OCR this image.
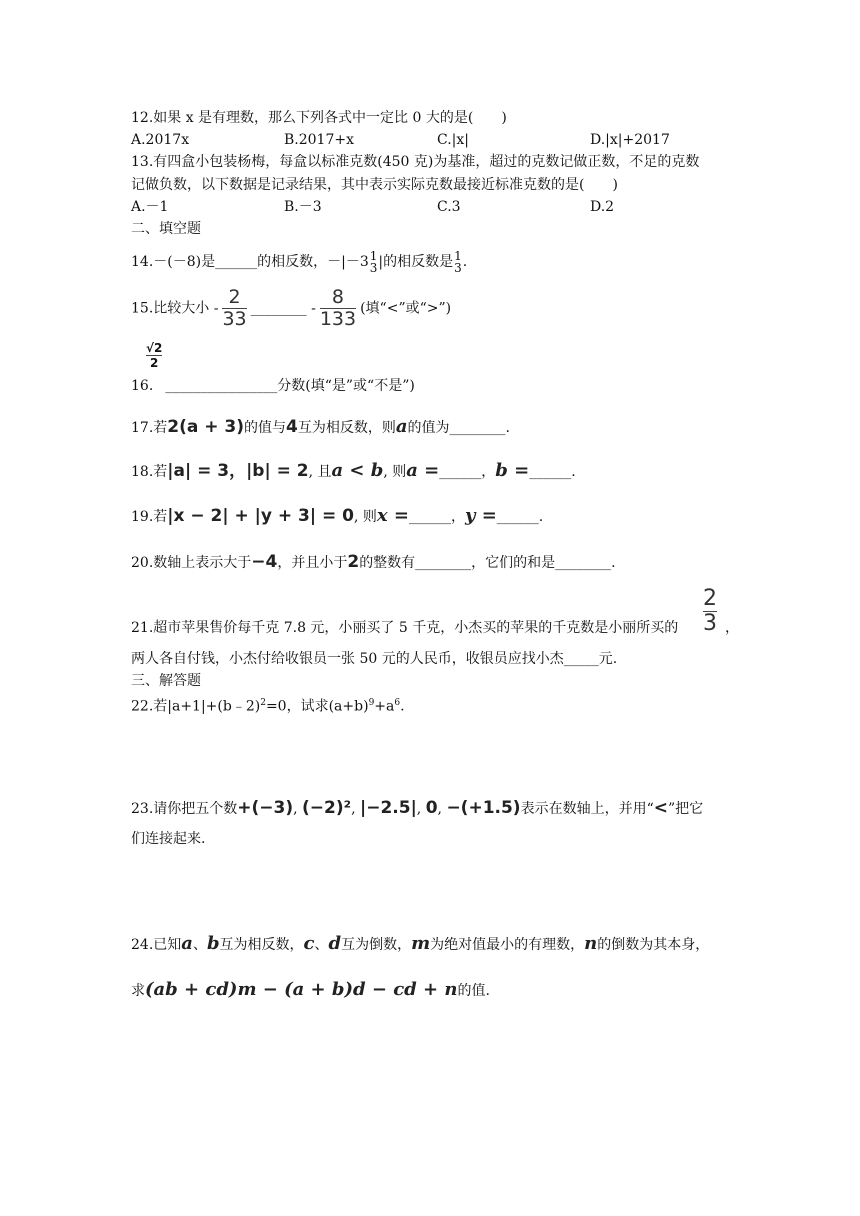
12.如果 x 是有理数，那么下列各式中一定比 0 大的是(　　)
A.2017x	B.2017+x	C.|x|	D.|x|+2017
13.有四盒小包装杨梅，每盒以标准克数(450 克)为基准，超过的克数记做正数，不足的克数
记做负数，以下数据是记录结果，其中表示实际克数最接近标准克数的是(　　)
A.－1	B.－3	C.3	D.2
二、填空题
14.－(－8)是______的相反数，－|－3 1
3 |的相反数是 1
3 .
15.比较大小 - $\frac{2}{33}$ ________ - $\frac{8}{133}$ (填“<”或“>”)
√2
2
16. ________________分数(填“是”或“不是”)
17.若2(a + 3)的值与4互为相反数，则a的值为________.
18.若|a| = 3，|b| = 2, 且a < b, 则a =______，b =______.
19.若|x − 2| + |y + 3| = 0, 则x =______，y =______.
20.数轴上表示大于−4，并且小于2的整数有________，它们的和是________.
21.超市苹果售价每千克 7.8 元，小丽买了 5 千克，小杰买的苹果的千克数是小丽所买的
2
3 ，
两人各自付钱，小杰付给收银员一张 50 元的人民币，收银员应找小杰_____元.
三、解答题
22.若|a+1|+(b﹣2)$^2$=0，试求$(a+b)^9+a^6$.
23.请你把五个数+(−3), (−2)², |−2.5|, 0, −(+1.5)表示在数轴上，并用“<”把它
们连接起来.
24.已知a、b互为相反数，c、d互为倒数，m为绝对值最小的有理数，n的倒数为其本身，
求(ab + cd)m − (a + b)d − cd + n的值.
